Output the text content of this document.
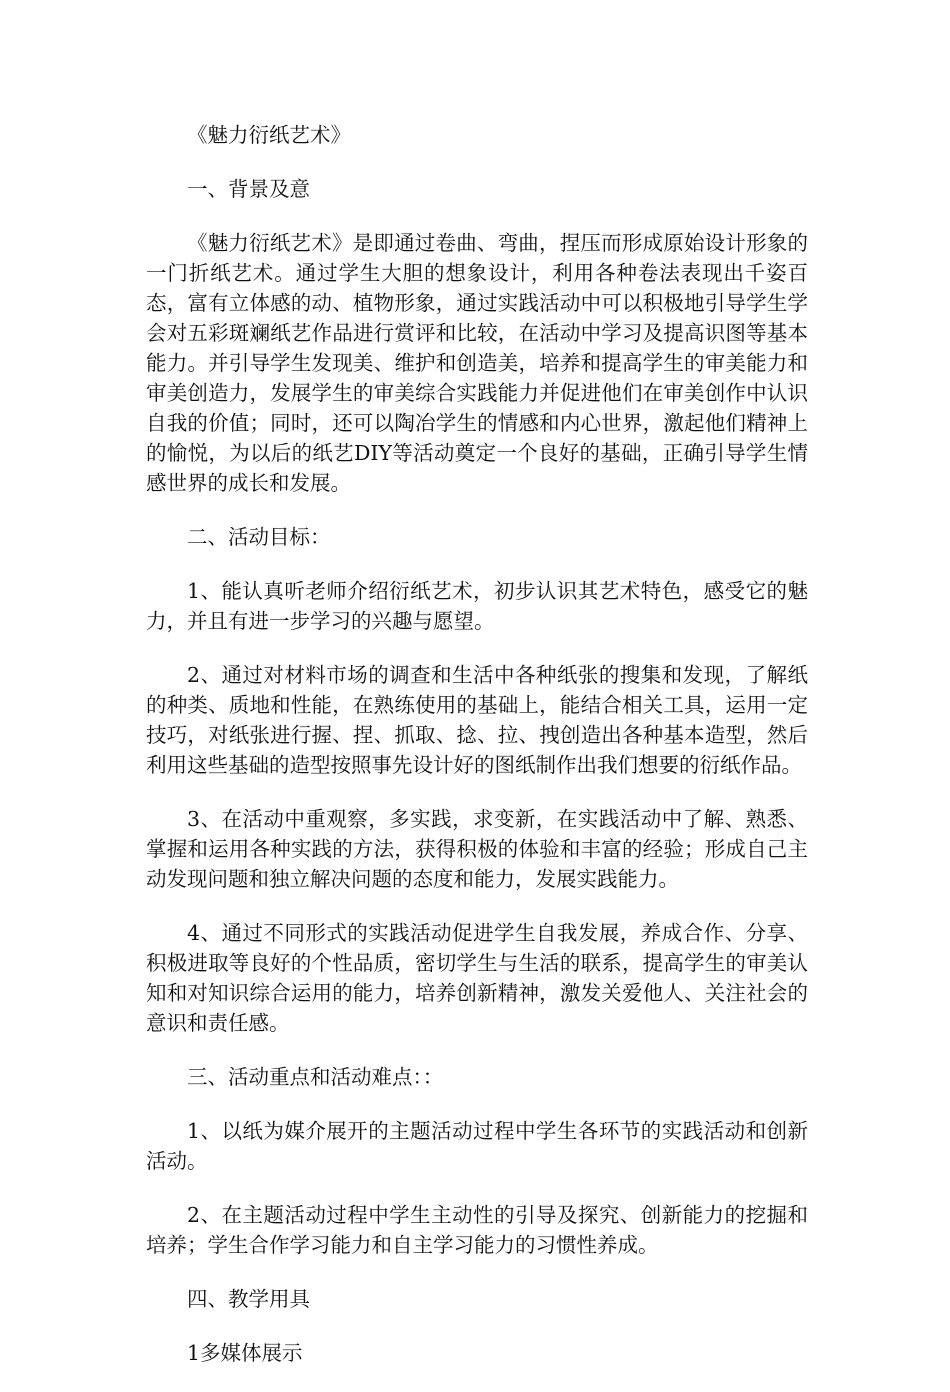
《魅力衍纸艺术》

一、背景及意

《魅力衍纸艺术》是即通过卷曲、弯曲，捏压而形成原始设计形象的一门折纸艺术。通过学生大胆的想象设计，利用各种卷法表现出千姿百态，富有立体感的动、植物形象，通过实践活动中可以积极地引导学生学会对五彩斑斓纸艺作品进行赏评和比较，在活动中学习及提高识图等基本能力。并引导学生发现美、维护和创造美，培养和提高学生的审美能力和审美创造力，发展学生的审美综合实践能力并促进他们在审美创作中认识自我的价值；同时，还可以陶冶学生的情感和内心世界，激起他们精神上的愉悦，为以后的纸艺DIY等活动奠定一个良好的基础，正确引导学生情感世界的成长和发展。

二、活动目标：

1、能认真听老师介绍衍纸艺术，初步认识其艺术特色，感受它的魅力，并且有进一步学习的兴趣与愿望。

2、通过对材料市场的调查和生活中各种纸张的搜集和发现，了解纸的种类、质地和性能，在熟练使用的基础上，能结合相关工具，运用一定技巧，对纸张进行握、捏、抓取、捻、拉、拽创造出各种基本造型，然后利用这些基础的造型按照事先设计好的图纸制作出我们想要的衍纸作品。

3、在活动中重观察，多实践，求变新，在实践活动中了解、熟悉、掌握和运用各种实践的方法，获得积极的体验和丰富的经验；形成自己主动发现问题和独立解决问题的态度和能力，发展实践能力。

4、通过不同形式的实践活动促进学生自我发展，养成合作、分享、积极进取等良好的个性品质，密切学生与生活的联系，提高学生的审美认知和对知识综合运用的能力，培养创新精神，激发关爱他人、关注社会的意识和责任感。

三、活动重点和活动难点：：

1、以纸为媒介展开的主题活动过程中学生各环节的实践活动和创新活动。

2、在主题活动过程中学生主动性的引导及探究、创新能力的挖掘和培养；学生合作学习能力和自主学习能力的习惯性养成。

四、教学用具

1多媒体展示
